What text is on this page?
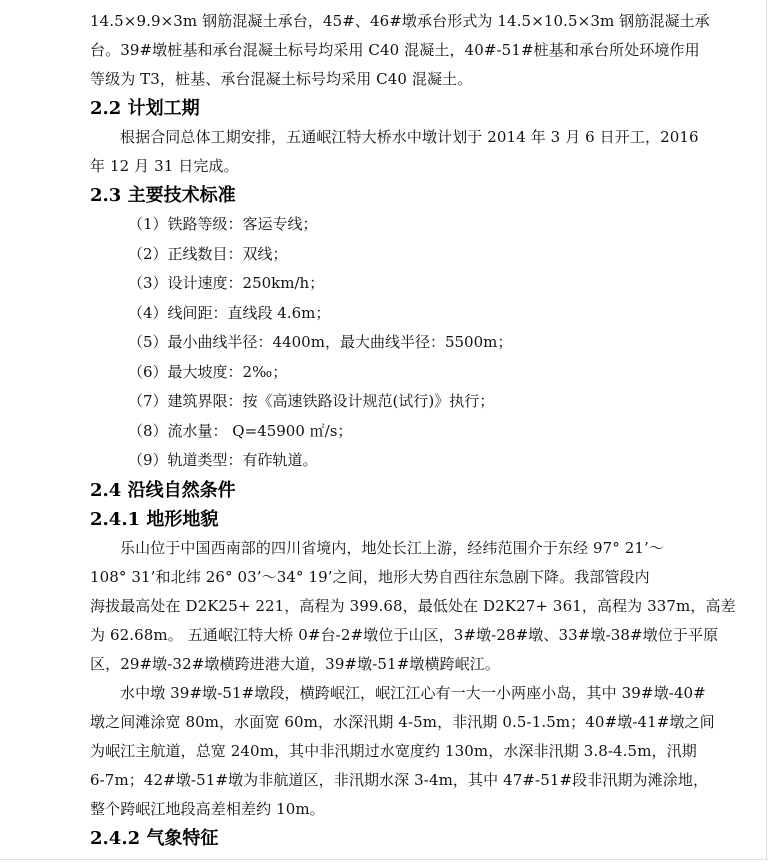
14.5×9.9×3m 钢筋混凝土承台，45#、46#墩承台形式为 14.5×10.5×3m 钢筋混凝土承

台。39#墩桩基和承台混凝土标号均采用 C40 混凝土，40#-51#桩基和承台所处环境作用

等级为 T3，桩基、承台混凝土标号均采用 C40 混凝土。

2.2 计划工期

根据合同总体工期安排，五通岷江特大桥水中墩计划于 2014 年 3 月 6 日开工，2016

年 12 月 31 日完成。

2.3 主要技术标准

（1）铁路等级：客运专线；

（2）正线数目：双线；

（3）设计速度：250km/h；

（4）线间距：直线段 4.6m；

（5）最小曲线半径：4400m，最大曲线半径：5500m；

（6）最大坡度：2‰；

（7）建筑界限：按《高速铁路设计规范(试行)》执行；

（8）流水量： Q=45900 ㎡/s；

（9）轨道类型：有砟轨道。

2.4 沿线自然条件
2.4.1 地形地貌

乐山位于中国西南部的四川省境内，地处长江上游，经纬范围介于东经 97° 21’～

108° 31’和北纬 26° 03’～34° 19’之间，地形大势自西往东急剧下降。我部管段内

海拔最高处在 D2K25+ 221，高程为 399.68，最低处在 D2K27+ 361，高程为 337m，高差

为 62.68m。 五通岷江特大桥 0#台-2#墩位于山区，3#墩-28#墩、33#墩-38#墩位于平原

区，29#墩-32#墩横跨进港大道，39#墩-51#墩横跨岷江。

水中墩 39#墩-51#墩段，横跨岷江，岷江江心有一大一小两座小岛，其中 39#墩-40#

墩之间滩涂宽 80m，水面宽 60m，水深汛期 4-5m，非汛期 0.5-1.5m；40#墩-41#墩之间

为岷江主航道，总宽 240m，其中非汛期过水宽度约 130m，水深非汛期 3.8-4.5m，汛期

6-7m；42#墩-51#墩为非航道区，非汛期水深 3-4m，其中 47#-51#段非汛期为滩涂地，

整个跨岷江地段高差相差约 10m。

2.4.2 气象特征
